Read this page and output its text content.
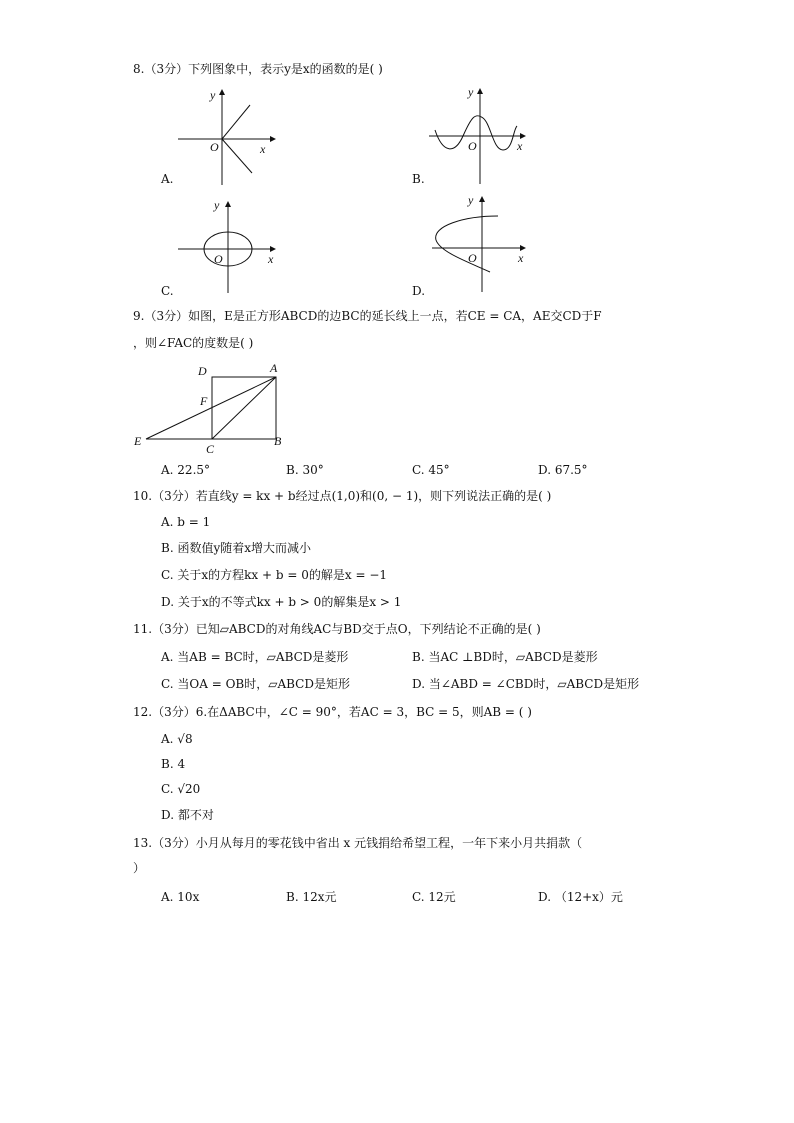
8.（3分）下列图象中，表示y是x的函数的是( )
O	x
y
A.
O	x
y
B.
O	x
y
C.
O	x
y
D.
9.（3分）如图，E是正方形ABCD的边BC的延长线上一点，若CE = CA，AE交CD于F
，则∠FAC的度数是( )
A
B
C
D
E
F
A. 22.5°	B. 30°	C. 45°	D. 67.5°
10.（3分）若直线y = kx + b经过点(1,0)和(0, − 1)，则下列说法正确的是( )
A. b = 1
B. 函数值y随着x增大而减小
C. 关于x的方程kx + b = 0的解是x = −1
D. 关于x的不等式kx + b > 0的解集是x > 1
11.（3分）已知▱ABCD的对角线AC与BD交于点O，下列结论不正确的是( )
A. 当AB = BC时，▱ABCD是菱形	B. 当AC ⊥BD时，▱ABCD是菱形
C. 当OA = OB时，▱ABCD是矩形	D. 当∠ABD = ∠CBD时，▱ABCD是矩形
12.（3分）6.在ΔABC中，∠C = 90°，若AC = 3，BC = 5，则AB = ( )
A. √8
B. 4
C. √20
D. 都不对
13.（3分）小月从每月的零花钱中省出 x 元钱捐给希望工程，一年下来小月共捐款（
）
A. 10x	B. 12x元	C. 12元	D. （12+x）元
